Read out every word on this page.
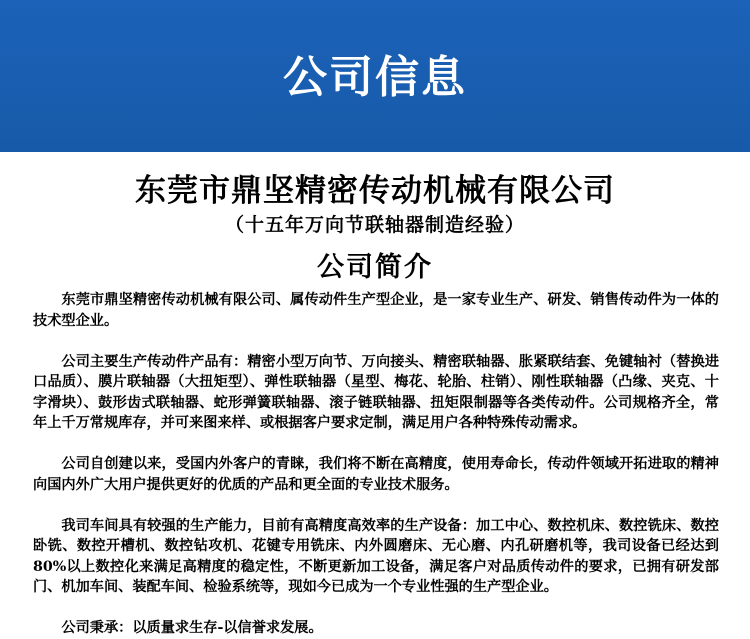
公司信息
东莞市鼎坚精密传动机械有限公司
（十五年万向节联轴器制造经验）
公司简介

东莞市鼎坚精密传动机械有限公司、属传动件生产型企业，是一家专业生产、研发、销售传动件为一体的技术型企业。

公司主要生产传动件产品有：精密小型万向节、万向接头、精密联轴器、胀紧联结套、免键轴衬（替换进口品质）、膜片联轴器（大扭矩型）、弹性联轴器（星型、梅花、轮胎、柱销）、刚性联轴器（凸缘、夹克、十字滑块）、鼓形齿式联轴器、蛇形弹簧联轴器、滚子链联轴器、扭矩限制器等各类传动件。公司规格齐全，常年上千万常规库存，并可来图来样、或根据客户要求定制，满足用户各种特殊传动需求。

公司自创建以来，受国内外客户的青睐，我们将不断在高精度，使用寿命长，传动件领域开拓进取的精神向国内外广大用户提供更好的优质的产品和更全面的专业技术服务。

我司车间具有较强的生产能力，目前有高精度高效率的生产设备：加工中心、数控机床、数控铣床、数控卧铣、数控开槽机、数控钻攻机、花键专用铣床、内外圆磨床、无心磨、内孔研磨机等，我司设备已经达到80%以上数控化来满足高精度的稳定性，不断更新加工设备，满足客户对品质传动件的要求，已拥有研发部门、机加车间、装配车间、检验系统等，现如今已成为一个专业性强的生产型企业。

公司秉承：以质量求生存-以信誉求发展。
